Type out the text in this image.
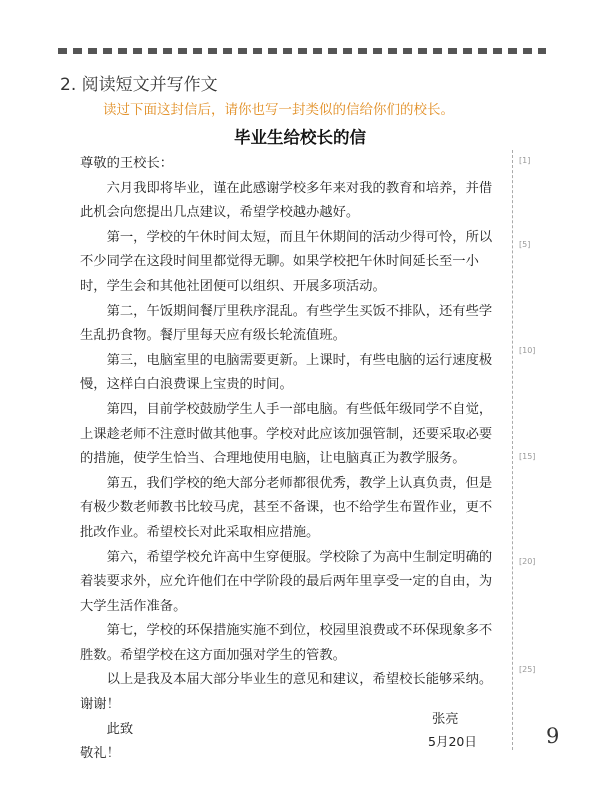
2. 阅读短文并写作文
读过下面这封信后，请你也写一封类似的信给你们的校长。
毕业生给校长的信

尊敬的王校长：

六月我即将毕业，谨在此感谢学校多年来对我的教育和培养，并借此机会向您提出几点建议，希望学校越办越好。

第一，学校的午休时间太短，而且午休期间的活动少得可怜，所以不少同学在这段时间里都觉得无聊。如果学校把午休时间延长至一小时，学生会和其他社团便可以组织、开展多项活动。

第二，午饭期间餐厅里秩序混乱。有些学生买饭不排队，还有些学生乱扔食物。餐厅里每天应有级长轮流值班。

第三，电脑室里的电脑需要更新。上课时，有些电脑的运行速度极慢，这样白白浪费课上宝贵的时间。

第四，目前学校鼓励学生人手一部电脑。有些低年级同学不自觉，上课趁老师不注意时做其他事。学校对此应该加强管制，还要采取必要的措施，使学生恰当、合理地使用电脑，让电脑真正为教学服务。

第五，我们学校的绝大部分老师都很优秀，教学上认真负责，但是有极少数老师教书比较马虎，甚至不备课，也不给学生布置作业，更不批改作业。希望校长对此采取相应措施。

第六，希望学校允许高中生穿便服。学校除了为高中生制定明确的着装要求外，应允许他们在中学阶段的最后两年里享受一定的自由，为大学生活作准备。

第七，学校的环保措施实施不到位，校园里浪费或不环保现象多不胜数。希望学校在这方面加强对学生的管教。

以上是我及本届大部分毕业生的意见和建议，希望校长能够采纳。谢谢！

此致

敬礼！

张亮
5月20日
[1]
[5]
[10]
[15]
[20]
[25]
9
